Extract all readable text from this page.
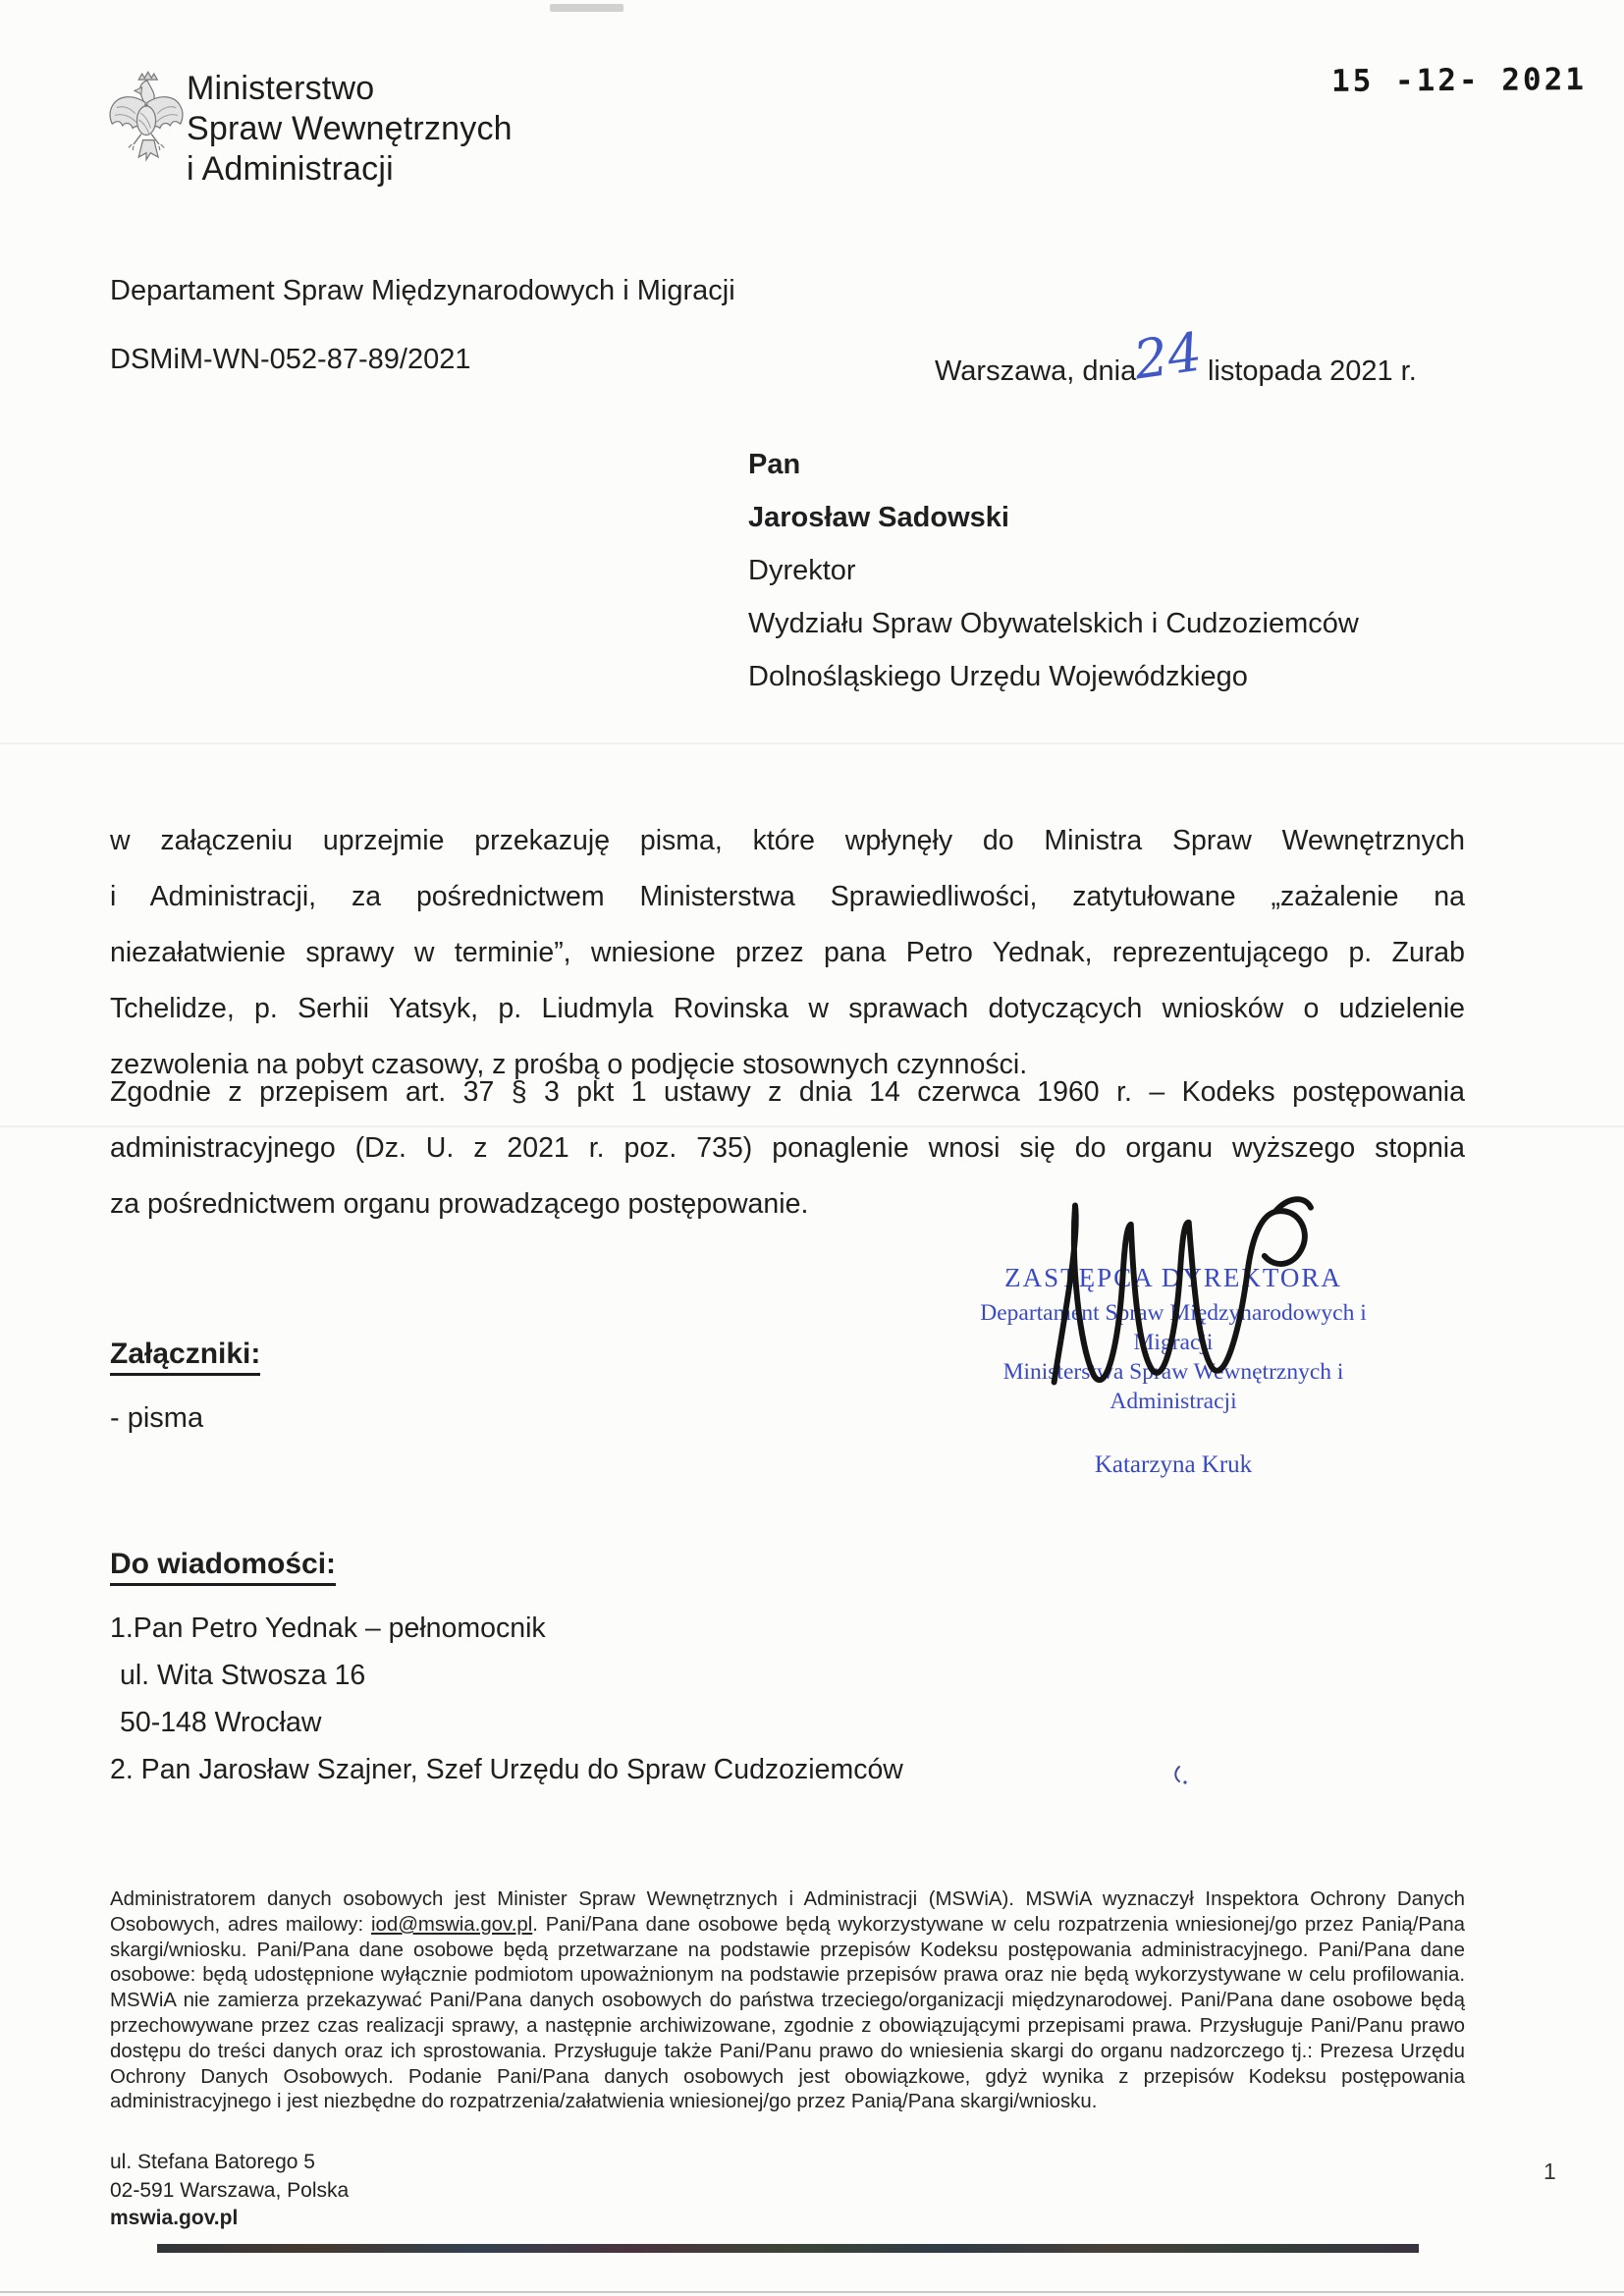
Ministerstwo
Spraw Wewnętrznych
i Administracji
15 -12- 2021
Departament Spraw Międzynarodowych i Migracji
DSMiM-WN-052-87-89/2021	Warszawa, dnia24listopada 2021 r.
Pan
Jarosław Sadowski
Dyrektor
Wydziału Spraw Obywatelskich i Cudzoziemców
Dolnośląskiego Urzędu Wojewódzkiego
w załączeniu uprzejmie przekazuję pisma, które wpłynęły do Ministra Spraw Wewnętrznych
i Administracji, za pośrednictwem Ministerstwa Sprawiedliwości, zatytułowane „zażalenie na
niezałatwienie sprawy w terminie”, wniesione przez pana Petro Yednak, reprezentującego p. Zurab
Tchelidze, p. Serhii Yatsyk, p. Liudmyla Rovinska w sprawach dotyczących wniosków o udzielenie
zezwolenia na pobyt czasowy, z prośbą o podjęcie stosownych czynności.
Zgodnie z przepisem art. 37 § 3 pkt 1 ustawy z dnia 14 czerwca 1960 r. – Kodeks postępowania
administracyjnego (Dz. U. z 2021 r. poz. 735) ponaglenie wnosi się do organu wyższego stopnia
za pośrednictwem organu prowadzącego postępowanie.
ZASTĘPCA DYREKTORA
Departament Spraw Międzynarodowych i Migracji
Ministerstwa Spraw Wewnętrznych i Administracji
Katarzyna Kruk
Załączniki:
- pisma
Do wiadomości:
1.Pan Petro Yednak – pełnomocnik
ul. Wita Stwosza 16
50-148 Wrocław
2. Pan Jarosław Szajner, Szef Urzędu do Spraw Cudzoziemców
Administratorem danych osobowych jest Minister Spraw Wewnętrznych i Administracji (MSWiA). MSWiA wyznaczył Inspektora Ochrony Danych Osobowych, adres mailowy: iod@mswia.gov.pl. Pani/Pana dane osobowe będą wykorzystywane w celu rozpatrzenia wniesionej/go przez Panią/Pana skargi/wniosku. Pani/Pana dane osobowe będą przetwarzane na podstawie przepisów Kodeksu postępowania administracyjnego. Pani/Pana dane osobowe: będą udostępnione wyłącznie podmiotom upoważnionym na podstawie przepisów prawa oraz nie będą wykorzystywane w celu profilowania. MSWiA nie zamierza przekazywać Pani/Pana danych osobowych do państwa trzeciego/organizacji międzynarodowej. Pani/Pana dane osobowe będą przechowywane przez czas realizacji sprawy, a następnie archiwizowane, zgodnie z obowiązującymi przepisami prawa. Przysługuje Pani/Panu prawo dostępu do treści danych oraz ich sprostowania. Przysługuje także Pani/Panu prawo do wniesienia skargi do organu nadzorczego tj.: Prezesa Urzędu Ochrony Danych Osobowych. Podanie Pani/Pana danych osobowych jest obowiązkowe, gdyż wynika z przepisów Kodeksu postępowania administracyjnego i jest niezbędne do rozpatrzenia/załatwienia wniesionej/go przez Panią/Pana skargi/wniosku.
ul. Stefana Batorego 5
02-591 Warszawa, Polska
mswia.gov.pl
1
